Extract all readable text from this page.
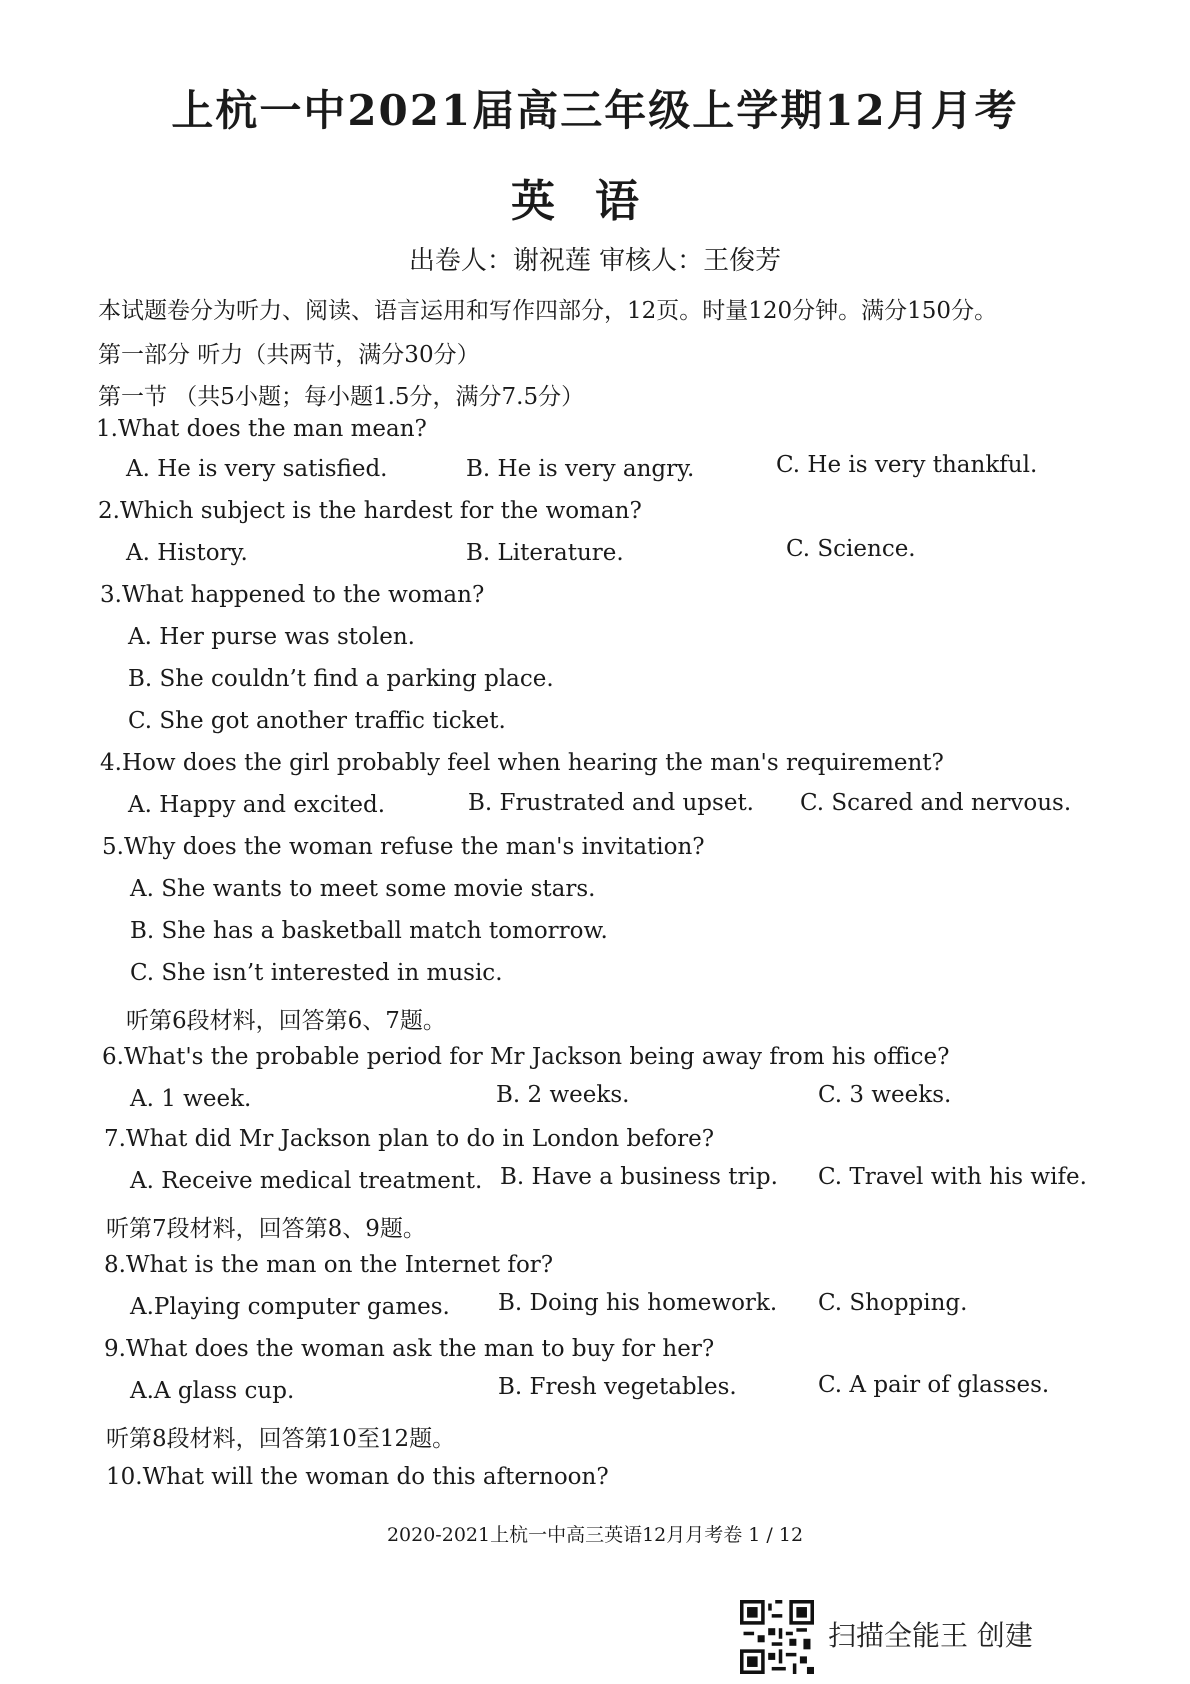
上杭一中2021届高三年级上学期12月月考
英语
出卷人：谢祝莲 审核人：王俊芳
本试题卷分为听力、阅读、语言运用和写作四部分，12页。时量120分钟。满分150分。
第一部分 听力（共两节，满分30分）
第一节 （共5小题；每小题1.5分，满分7.5分）
1.What does the man mean?
A. He is very satisfied.	B. He is very angry.	C. He is very thankful.
2.Which subject is the hardest for the woman?
A. History.	B. Literature.	C. Science.
3.What happened to the woman?
A. Her purse was stolen.
B. She couldn’t find a parking place.
C. She got another traffic ticket.
4.How does the girl probably feel when hearing the man's requirement?
A. Happy and excited.	B. Frustrated and upset. C. Scared and nervous.
5.Why does the woman refuse the man's invitation?
A. She wants to meet some movie stars.
B. She has a basketball match tomorrow.
C. She isn’t interested in music.
听第6段材料，回答第6、7题。
6.What's the probable period for Mr Jackson being away from his office?
A. 1 week.	B. 2 weeks.	C. 3 weeks.
7.What did Mr Jackson plan to do in London before?
A. Receive medical treatment. B. Have a business trip. C. Travel with his wife.
听第7段材料，回答第8、9题。
8.What is the man on the Internet for?
A.Playing computer games. B. Doing his homework. C. Shopping.
9.What does the woman ask the man to buy for her?
A.A glass cup.	B. Fresh vegetables.	C. A pair of glasses.
听第8段材料，回答第10至12题。
10.What will the woman do this afternoon?
2020-2021上杭一中高三英语12月月考卷 1 / 12
扫描全能王 创建
